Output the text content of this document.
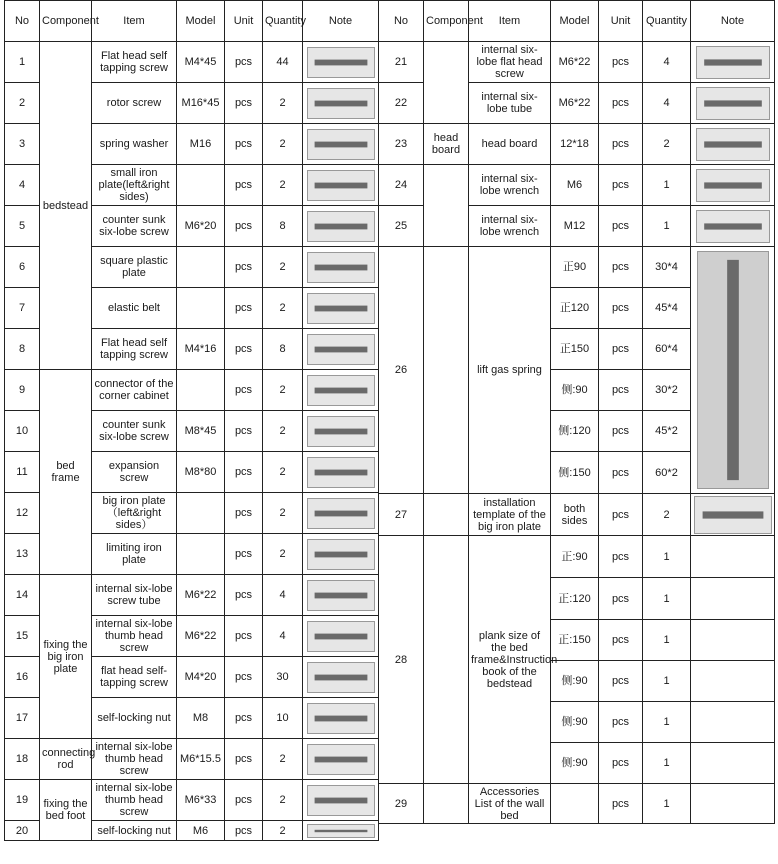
No	Component	Item	Model	Unit	Quantity	Note
1	bedstead	Flat head self tapping screw	M4*45	pcs	44	

2		rotor screw	M16*45	pcs	2	

3		spring washer	M16	pcs	2	

4		small iron plate(left&right sides)		pcs	2	

5		counter sunk six-lobe screw	M6*20	pcs	8	

6		square plastic plate		pcs	2	

7		elastic belt		pcs	2	

8		Flat head self tapping screw	M4*16	pcs	8	

9	bed frame	connector of the corner cabinet		pcs	2	

10		counter sunk six-lobe screw	M8*45	pcs	2	

11		expansion screw	M8*80	pcs	2	

12		big iron plate （left&right sides）		pcs	2	

13		limiting iron plate		pcs	2	

14	fixing the big iron plate	internal six-lobe screw tube	M6*22	pcs	4	

15		internal six-lobe thumb head screw	M6*22	pcs	4	

16		flat head self-tapping screw	M4*20	pcs	30	

17		self-locking nut	M8	pcs	10	

18	connecting rod	internal six-lobe thumb head screw	M6*15.5	pcs	2	

19	fixing the bed foot	internal six-lobe thumb head screw	M6*33	pcs	2	

20		self-locking nut	M6	pcs	2	
No	Component	Item	Model	Unit	Quantity	Note
21		internal six-lobe flat head screw	M6*22	pcs	4	

22		internal six-lobe tube	M6*22	pcs	4	

23	head board	head board	12*18	pcs	2	

24		internal six-lobe wrench	M6	pcs	1	

25		internal six-lobe wrench	M12	pcs	1	

26		lift gas spring	正90	pcs	30*4	

			正120	pcs	45*4	
			正150	pcs	60*4	
			侧:90	pcs	30*2	
			侧:120	pcs	45*2	
			侧:150	pcs	60*2	
27		installation template of the big iron plate	both sides	pcs	2	

28		plank size of the bed frame&Instruction book of the bedstead	正:90	pcs	1	
			正:120	pcs	1	
			正:150	pcs	1	
			侧:90	pcs	1	
			侧:90	pcs	1	
			侧:90	pcs	1	
29		Accessories List of the wall bed		pcs	1	
